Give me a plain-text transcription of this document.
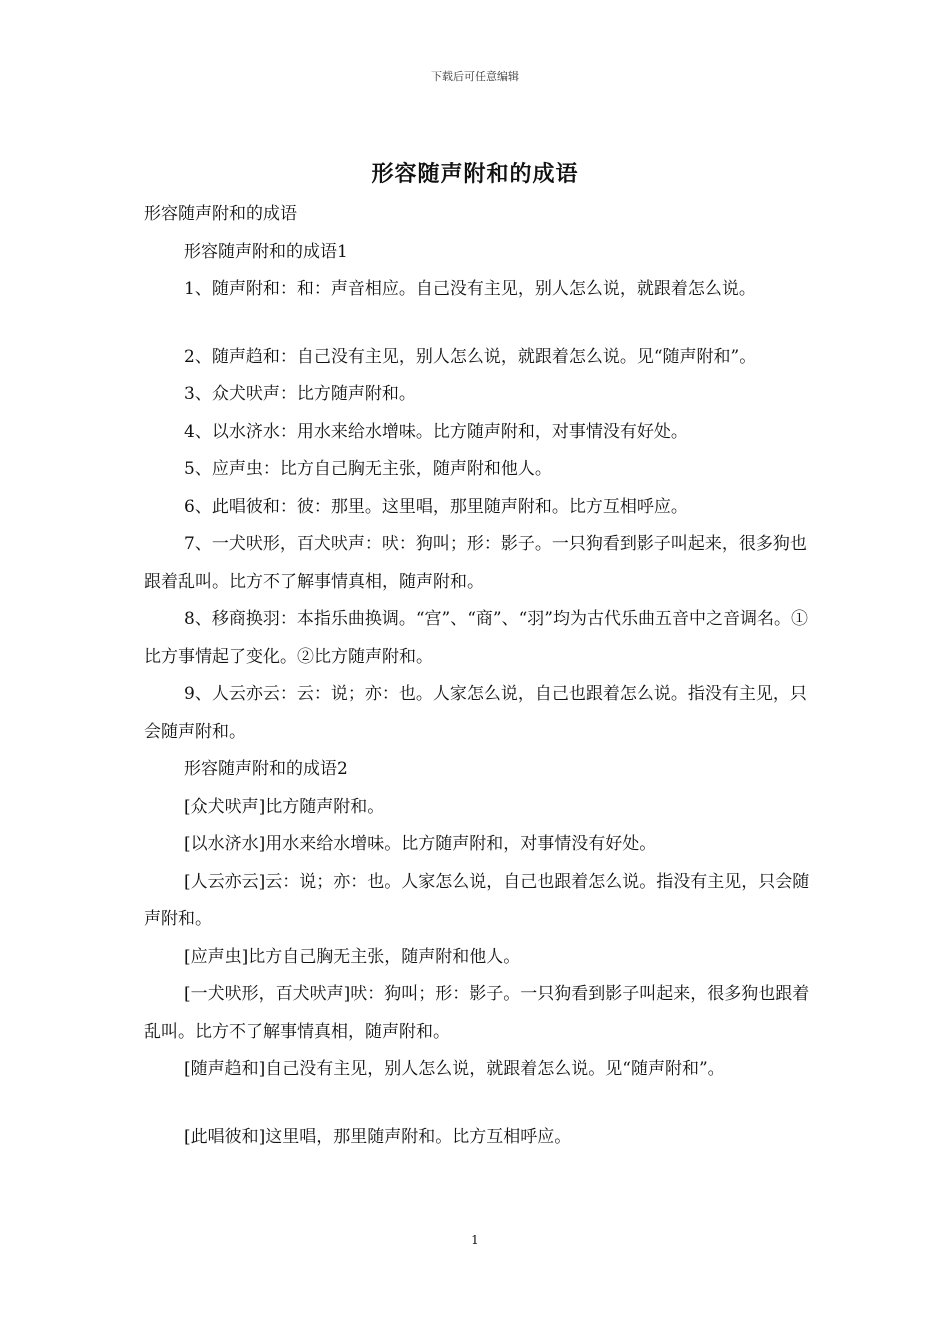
下载后可任意编辑
形容随声附和的成语

形容随声附和的成语

形容随声附和的成语1

1、随声附和：和：声音相应。自己没有主见，别人怎么说，就跟着怎么说。

2、随声趋和：自己没有主见，别人怎么说，就跟着怎么说。见“随声附和”。

3、众犬吠声：比方随声附和。

4、以水济水：用水来给水增味。比方随声附和，对事情没有好处。

5、应声虫：比方自己胸无主张，随声附和他人。

6、此唱彼和：彼：那里。这里唱，那里随声附和。比方互相呼应。

7、一犬吠形，百犬吠声：吠：狗叫；形：影子。一只狗看到影子叫起来，很多狗也跟着乱叫。比方不了解事情真相，随声附和。

8、移商换羽：本指乐曲换调。“宫”、“商”、“羽”均为古代乐曲五音中之音调名。①比方事情起了变化。②比方随声附和。

9、人云亦云：云：说；亦：也。人家怎么说，自己也跟着怎么说。指没有主见，只会随声附和。

形容随声附和的成语2

[众犬吠声]比方随声附和。

[以水济水]用水来给水增味。比方随声附和，对事情没有好处。

[人云亦云]云：说；亦：也。人家怎么说，自己也跟着怎么说。指没有主见，只会随声附和。

[应声虫]比方自己胸无主张，随声附和他人。

[一犬吠形，百犬吠声]吠：狗叫；形：影子。一只狗看到影子叫起来，很多狗也跟着乱叫。比方不了解事情真相，随声附和。

[随声趋和]自己没有主见，别人怎么说，就跟着怎么说。见“随声附和”。

[此唱彼和]这里唱，那里随声附和。比方互相呼应。

1
